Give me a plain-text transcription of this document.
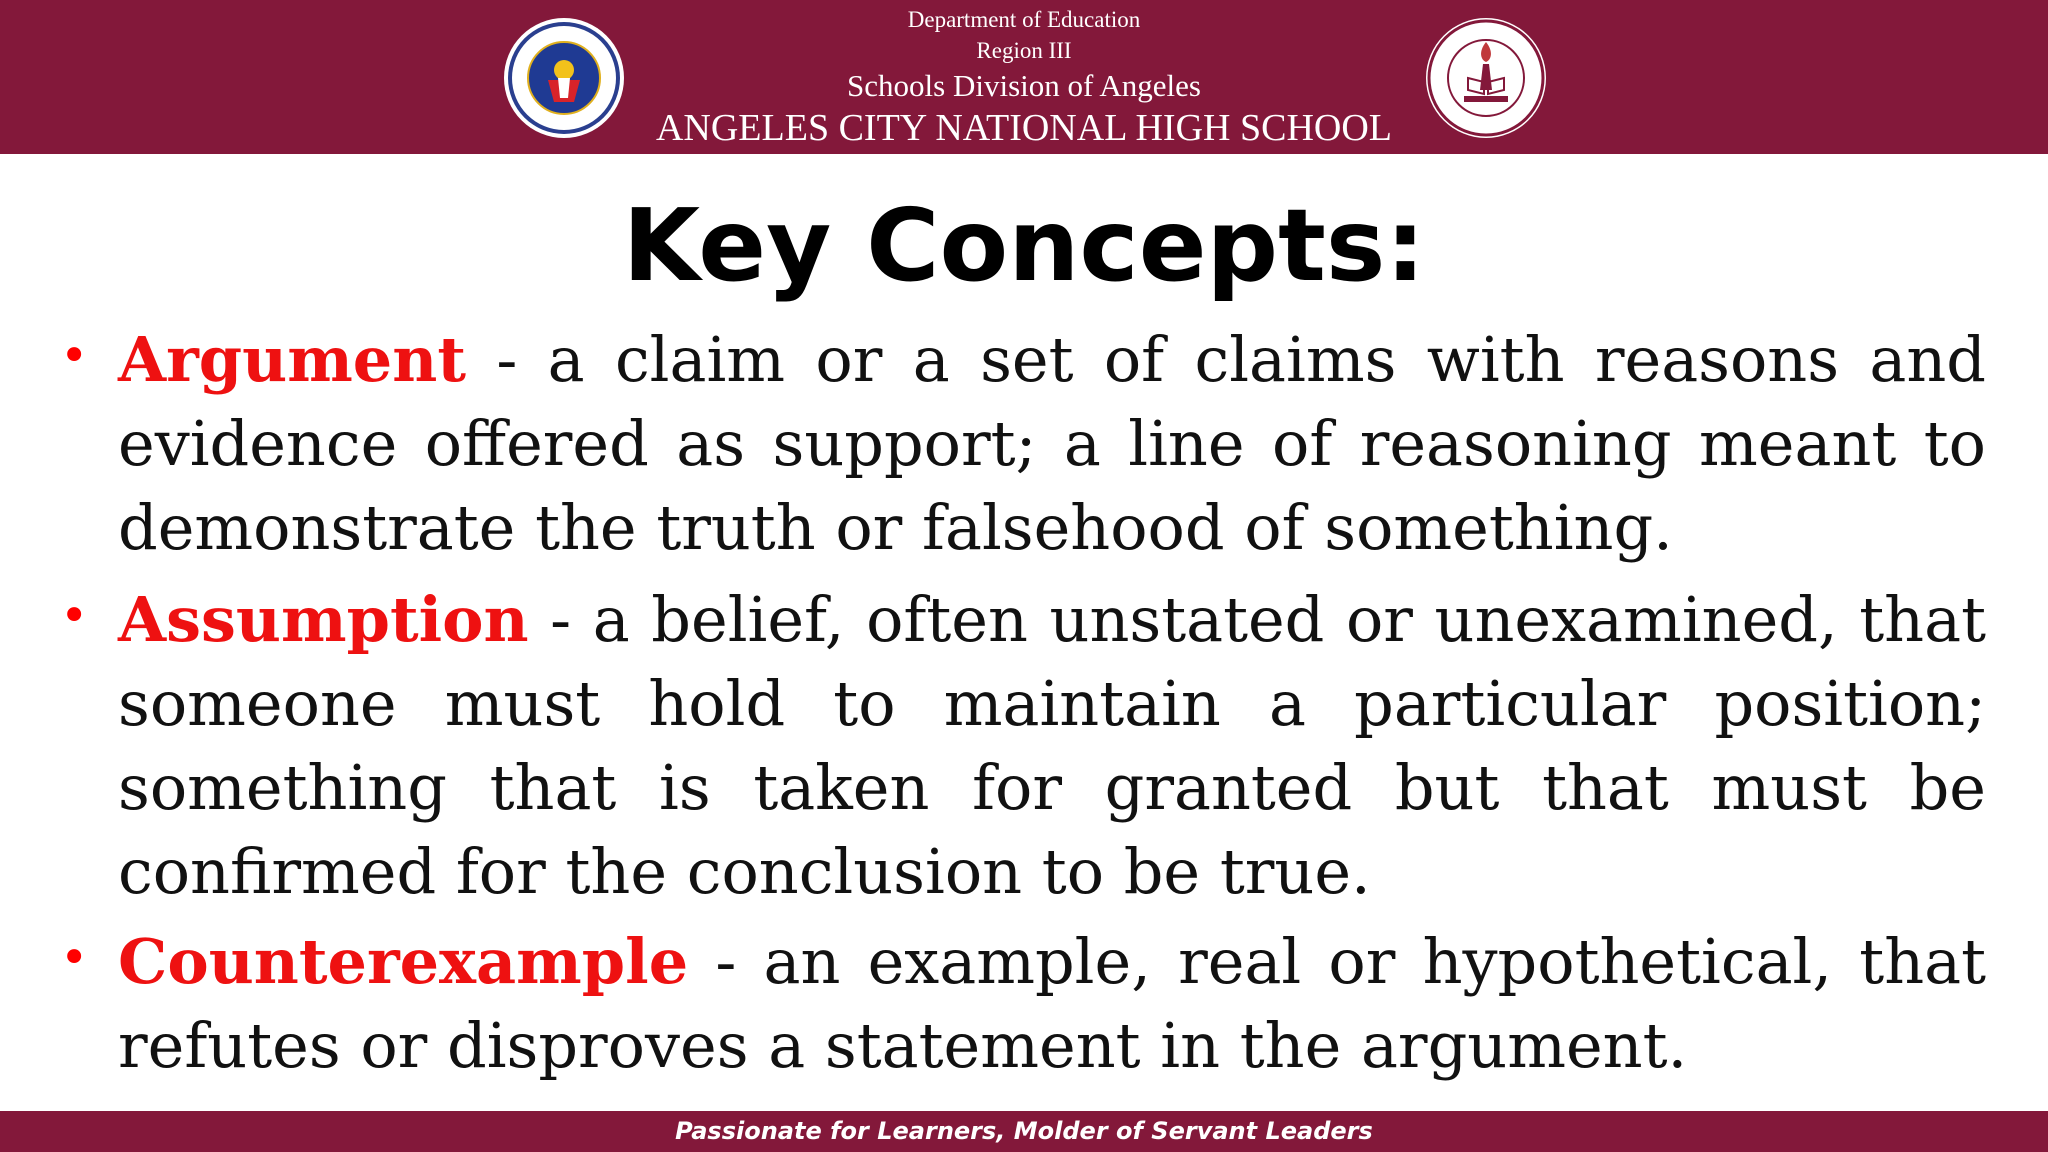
Department of Education
Region III
Schools Division of Angeles
ANGELES CITY NATIONAL HIGH SCHOOL
Key Concepts:
• Argument - a claim or a set of claims with reasons and evidence offered as support; a line of reasoning meant to demonstrate the truth or falsehood of something.
• Assumption - a belief, often unstated or unexamined, that someone must hold to maintain a particular position; something that is taken for granted but that must be confirmed for the conclusion to be true.
• Counterexample - an example, real or hypothetical, that refutes or disproves a statement in the argument.
Passionate for Learners, Molder of Servant Leaders
